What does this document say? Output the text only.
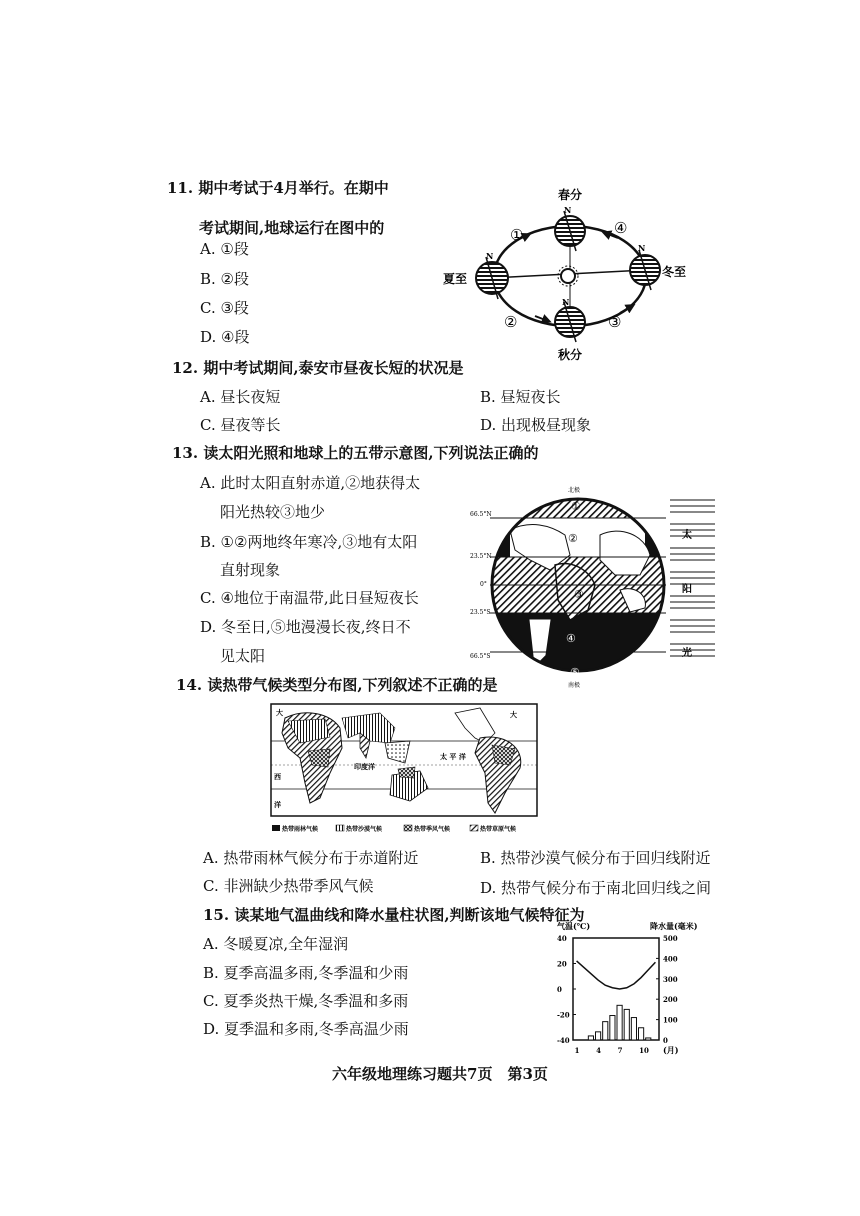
11. 期中考试于4月举行。在期中
考试期间,地球运行在图中的
A. ①段
B. ②段
C. ③段
D. ④段
春分
夏至	冬至
秋分
N
N
N
N
①
②	③
④
12. 期中考试期间,泰安市昼夜长短的状况是
A. 昼长夜短	B. 昼短夜长
C. 昼夜等长	D. 出现极昼现象
13. 读太阳光照和地球上的五带示意图,下列说法正确的
A. 此时太阳直射赤道,②地获得太
阳光热较③地少
B. ①②两地终年寒冷,③地有太阳
直射现象
C. ④地位于南温带,此日昼短夜长
D. 冬至日,⑤地漫漫长夜,终日不
见太阳
66.5°N
23.5°N
0°
23.5°S
66.5°S
北极
南极
①
②
③
④
⑤
太
阳
光
14. 读热带气候类型分布图,下列叙述不正确的是
大	大
太 平 洋
印度洋
西
洋
热带雨林气候	热带沙漠气候	热带季风气候	热带草原气候
A. 热带雨林气候分布于赤道附近	B. 热带沙漠气候分布于回归线附近
C. 非洲缺少热带季风气候	D. 热带气候分布于南北回归线之间
15. 读某地气温曲线和降水量柱状图,判断该地气候特征为
A. 冬暖夏凉,全年湿润
B. 夏季高温多雨,冬季温和少雨
C. 夏季炎热干燥,冬季温和多雨
D. 夏季温和多雨,冬季高温少雨
气温(℃)	降水量(毫米)
40
20
0
-20
-40
500
400
300
200
100
0
1 4 7 10 (月)
六年级地理练习题共7页　第3页
